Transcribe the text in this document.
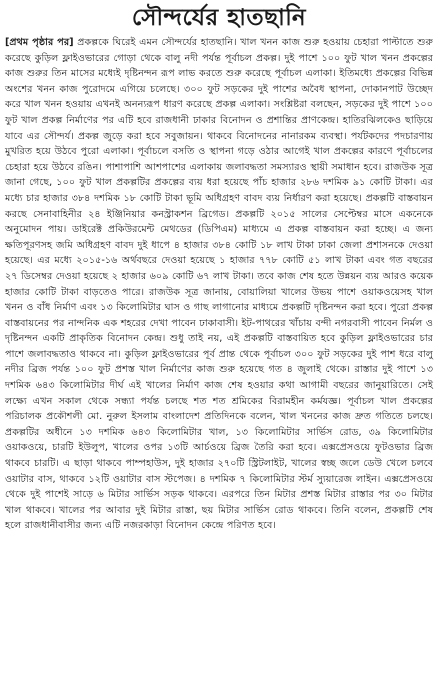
সৌন্দর্যের হাতছানি
[প্রথম পৃষ্ঠার পর] প্রকল্পকে ঘিরেই এমন সৌন্দর্যের হাতছানি। খাল খনন কাজ শুরু হওয়ায় চেহারা পাল্টাতে শুরু করেছে কুড়িল ফ্লাইওভারের গোড়া থেকে বালু নদী পর্যন্ত পূর্বাচল প্রকল্প। দুই পাশে ১০০ ফুট খাল খনন প্রকল্পের কাজ শুরুর তিন মাসের মধ্যেই দৃষ্টিনন্দন রূপ লাভ করতে শুরু করেছে পূর্বাচল এলাকা। ইতিমধ্যে প্রকল্পের বিভিন্ন অংশের খনন কাজ পুরোদমে এগিয়ে চলেছে। ৩০০ ফুট সড়কের দুই পাশের অবৈধ স্থাপনা, দোকানপাট উচ্ছেদ করে খাল খনন হওয়ায় এখনই অনন্যরূপ ধারণ করেছে প্রকল্প এলাকা। সংশ্লিষ্টরা বলছেন, সড়কের দুই পাশে ১০০ ফুট খাল প্রকল্প নির্মাণের পর এটি হবে রাজধানী ঢাকার বিনোদন ও প্রশান্তির প্রাণকেন্দ্র। হাতিরঝিলকেও ছাড়িয়ে যাবে এর সৌন্দর্য। প্রকল্প জুড়ে করা হবে সবুজায়ন। থাকবে বিনোদনের নানারকম ব্যবস্থা। পর্যটকদের পদচারণায় মুখরিত হয়ে উঠবে পুরো এলাকা। পূর্বাচলে বসতি ও স্থাপনা গড়ে ওঠার আগেই খাল প্রকল্পের কারণে পূর্বাচলের চেহারা হয়ে উঠবে রঙিন। পাশাপাশি আশপাশের এলাকায় জলাবদ্ধতা সমস্যারও স্থায়ী সমাধান হবে। রাজউক সূত্র জানা গেছে, ১০০ ফুট খাল প্রকল্পটির প্রকল্পের ব্যয় ধরা হয়েছে পাঁচ হাজার ২৮৬ দশমিক ৯১ কোটি টাকা। এর মধ্যে চার হাজার ৩৮৪ দশমিক ১৮ কোটি টাকা ভূমি অধিগ্রহণ বাবদ ব্যয় নির্ধারণ করা হয়েছে। প্রকল্পটি বাস্তবায়ন করছে সেনাবাহিনীর ২৪ ইঞ্জিনিয়ার কনস্ট্রাকশন ব্রিগেড। প্রকল্পটি ২০১৫ সালের সেপ্টেম্বর মাসে একনেকে অনুমোদন পায়। ডাইরেক্ট প্রকিউরমেন্ট মেথডের (ডিপিএম) মাধ্যমে এ প্রকল্প বাস্তবায়ন করা হচ্ছে। এ জন্য ক্ষতিপূরণসহ জমি অধিগ্রহণ বাবদ দুই ধাপে ৪ হাজার ৩৮৪ কোটি ১৮ লাখ টাকা ঢাকা জেলা প্রশাসনকে দেওয়া হয়েছে। এর মধ্যে ২০১৫-১৬ অর্থবছরে দেওয়া হয়েছে ১ হাজার ৭৭৮ কোটি ৫১ লাখ টাকা এবং গত বছরের ২৭ ডিসেম্বর দেওয়া হয়েছে ২ হাজার ৬০৯ কোটি ৬৭ লাখ টাকা। তবে কাজ শেষ হতে উন্নয়ন ব্যয় আরও কয়েক হাজার কোটি টাকা বাড়তেও পারে। রাজউক সূত্র জানায়, বোয়ালিয়া খালের উভয় পাশে ওয়াকওয়েসহ খাল খনন ও বাঁধ নির্মাণ এবং ১৩ কিলোমিটার ঘাস ও গাছ লাগানোর মাধ্যমে প্রকল্পটি দৃষ্টিনন্দন করা হবে। পুরো প্রকল্প বাস্তবায়নের পর নান্দনিক এক শহরের দেখা পাবেন ঢাকাবাসী। ইট-পাথরের খাঁচায় বন্দী নগরবাসী পাবেন নির্মল ও দৃষ্টিনন্দন একটি প্রাকৃতিক বিনোদন কেন্দ্র। শুধু তাই নয়, এই প্রকল্পটি বাস্তবায়িত হবে কুড়িল ফ্লাইওভারের চার পাশে জলাবদ্ধতাও থাকবে না। কুড়িল ফ্লাইওভারের পূর্ব প্রান্ত থেকে পূর্বাচল ৩০০ ফুট সড়কের দুই পাশ ধরে বালু নদীর ব্রিজ পর্যন্ত ১০০ ফুট প্রশস্ত খাল নির্মাণের কাজ শুরু হয়েছে গত ৪ জুলাই থেকে। রাস্তার দুই পাশে ১৩ দশমিক ৬৪৩ কিলোমিটার দীর্ঘ এই খালের নির্মাণ কাজ শেষ হওয়ার কথা আগামী বছরের জানুয়ারিতে। সেই লক্ষ্যে এখন সকাল থেকে সন্ধ্যা পর্যন্ত চলছে শত শত শ্রমিকের বিরামহীন কর্মযজ্ঞ। পূর্বাচল খাল প্রকল্পের পরিচালক প্রকৌশলী মো. নুরুল ইসলাম বাংলাদেশ প্রতিদিনকে বলেন, খাল খননের কাজ দ্রুত গতিতে চলছে। প্রকল্পটির অধীনে ১৩ দশমিক ৬৪৩ কিলোমিটার খাল, ১৩ কিলোমিটার সার্ভিস রোড, ৩৯ কিলোমিটার ওয়াকওয়ে, চারটি ইউলুপ, খালের ওপর ১৩টি আর্চওয়ে ব্রিজ তৈরি করা হবে। এক্সপ্রেসওয়ে ফুটওভার ব্রিজ থাকবে চারটি। এ ছাড়া থাকবে পাম্পহাউস, দুই হাজার ২৭০টি স্ট্রিটলাইট, খালের স্বচ্ছ জলে ডেউ খেলে চলবে ওয়াটার বাস, থাকবে ১২টি ওয়াটার বাস স্টপেজ। ৪ দশমিক ৭ কিলোমিটার স্টর্ম স্যুয়ারেজ লাইন। এক্সপ্রেসওয়ে থেকে দুই পাশেই সাড়ে ৬ মিটার সার্ভিস সড়ক থাকবে। এরপরে তিন মিটার প্রশস্ত মিটার রাস্তার পর ৩০ মিটার খাল থাকবে। খালের পর আবার দুই মিটার রাস্তা, ছয় মিটার সার্ভিস রোড থাকবে। তিনি বলেন, প্রকল্পটি শেষ হলে রাজধানীবাসীর জন্য এটি নজরকাড়া বিনোদন কেন্দ্রে পরিণত হবে।
